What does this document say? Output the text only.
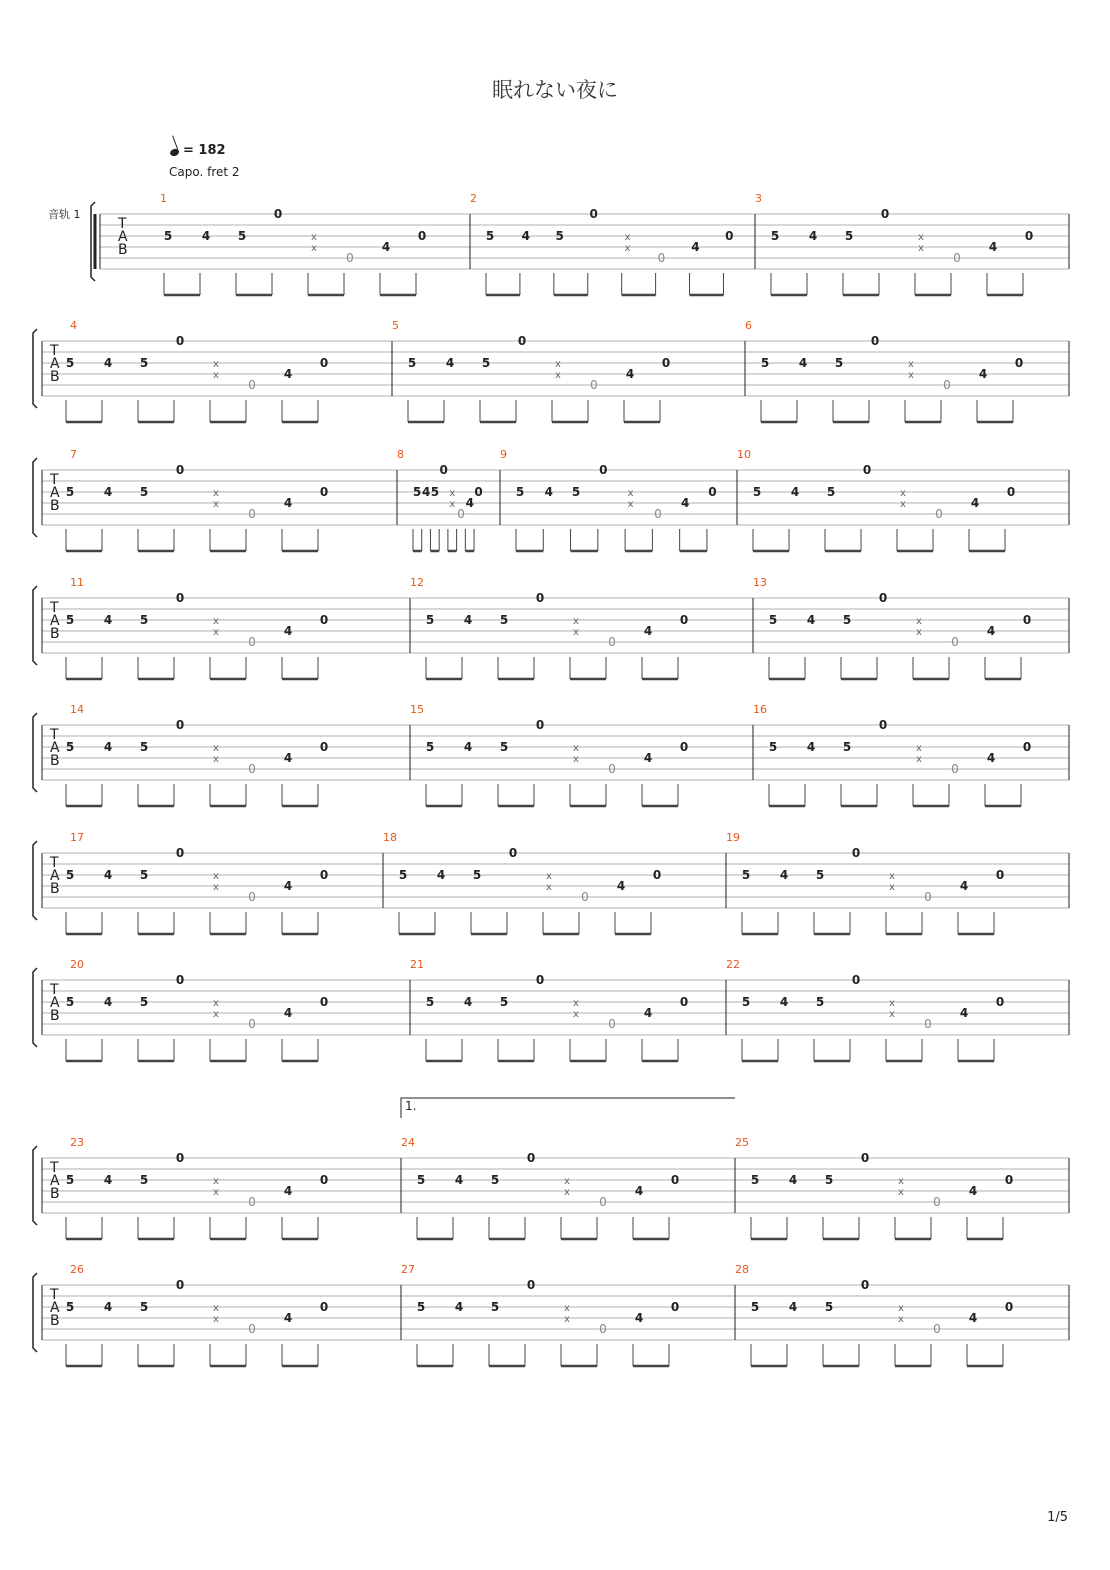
眠れない夜に
= 182
Capo. fret 2
音轨 1
1/5
T
A
B
1
5 4 5
0
x
x
0
4
0
2
5 4 5
0
x
x
0
4
0
3
5 4 5
0
x
x
0
4
0
T
A
B
4
5 4 5
0
x
x
0
4
0
5
5 4 5
0
x
x
0
4
0
6
5 4 5
0
x
x
0
4
0
T
A
B
7
5 4 5
0
x
x
0
4
0
8
5 4 5
0
x
x
0
4
0
9
5 4 5
0
x
x
0
4
0
10
5 4 5
0
x
x
0
4
0
T
A
B
11
5 4 5
0
x
x
0
4
0
12
5 4 5
0
x
x
0
4
0
13
5 4 5
0
x
x
0
4
0
T
A
B
14
5 4 5
0
x
x
0
4
0
15
5 4 5
0
x
x
0
4
0
16
5 4 5
0
x
x
0
4
0
T
A
B
17
5 4 5
0
x
x
0
4
0
18
5 4 5
0
x
x
0
4
0
19
5 4 5
0
x
x
0
4
0
T
A
B
20
5 4 5
0
x
x
0
4
0
21
5 4 5
0
x
x
0
4
0
22
5 4 5
0
x
x
0
4
0
T
A
B
23
5 4 5
0
x
x
0
4
0
24
5 4 5
0
x
x
0
4
0
25
5 4 5
0
x
x
0
4
0
T
A
B
26
5 4 5
0
x
x
0
4
0
27
5 4 5
0
x
x
0
4
0
28
5 4 5
0
x
x
0
4
0
1.
